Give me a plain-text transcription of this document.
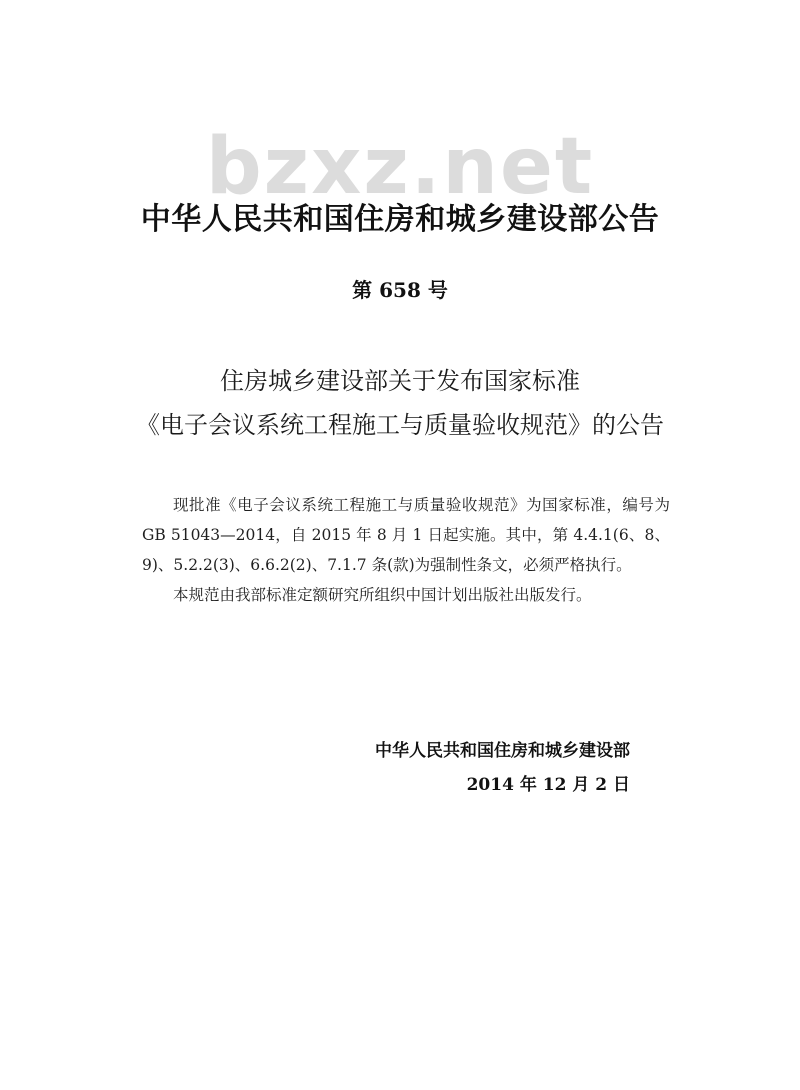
bzxz.net
中华人民共和国住房和城乡建设部公告
第 658 号
住房城乡建设部关于发布国家标准
《电子会议系统工程施工与质量验收规范》的公告

现批准《电子会议系统工程施工与质量验收规范》为国家标准，编号为 GB 51043—2014，自 2015 年 8 月 1 日起实施。其中，第 4.4.1(6、8、9)、5.2.2(3)、6.6.2(2)、7.1.7 条(款)为强制性条文，必须严格执行。

本规范由我部标准定额研究所组织中国计划出版社出版发行。

中华人民共和国住房和城乡建设部
2014 年 12 月 2 日
